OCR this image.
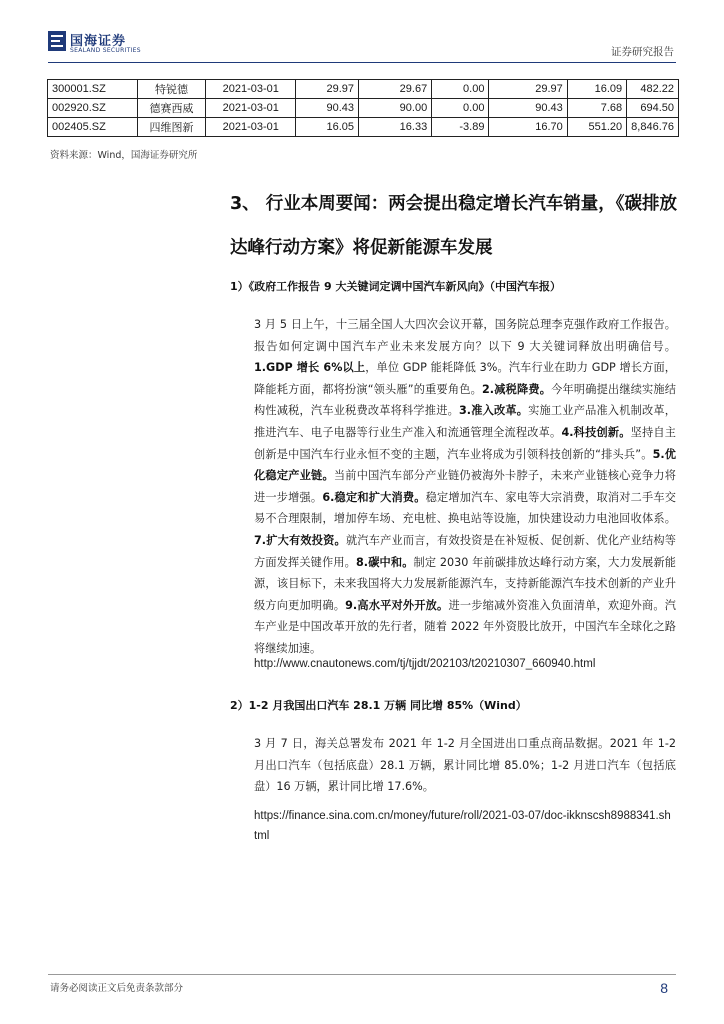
国海证券
SEALAND SECURITIES	证券研究报告
300001.SZ	特锐德	2021-03-01	29.97	29.67	0.00	29.97	16.09	482.22
002920.SZ	德赛西威	2021-03-01	90.43	90.00	0.00	90.43	7.68	694.50
002405.SZ	四维图新	2021-03-01	16.05	16.33	-3.89	16.70	551.20	8,846.76
资料来源：Wind，国海证券研究所
3、 行业本周要闻：两会提出稳定增长汽车销量，《碳排放达峰行动方案》将促新能源车发展
1）《政府工作报告 9 大关键词定调中国汽车新风向》（中国汽车报）
3 月 5 日上午，十三届全国人大四次会议开幕，国务院总理李克强作政府工作报告。报告如何定调中国汽车产业未来发展方向？以下 9 大关键词释放出明确信号。1.GDP 增长 6%以上，单位 GDP 能耗降低 3%。汽车行业在助力 GDP 增长方面，降能耗方面，都将扮演“领头雁”的重要角色。2.减税降费。今年明确提出继续实施结构性减税，汽车业税费改革将科学推进。3.准入改革。实施工业产品准入机制改革，推进汽车、电子电器等行业生产准入和流通管理全流程改革。4.科技创新。坚持自主创新是中国汽车行业永恒不变的主题，汽车业将成为引领科技创新的“排头兵”。5.优化稳定产业链。当前中国汽车部分产业链仍被海外卡脖子，未来产业链核心竞争力将进一步增强。6.稳定和扩大消费。稳定增加汽车、家电等大宗消费，取消对二手车交易不合理限制，增加停车场、充电桩、换电站等设施，加快建设动力电池回收体系。7.扩大有效投资。就汽车产业而言，有效投资是在补短板、促创新、优化产业结构等方面发挥关键作用。8.碳中和。制定 2030 年前碳排放达峰行动方案，大力发展新能源，该目标下，未来我国将大力发展新能源汽车，支持新能源汽车技术创新的产业升级方向更加明确。9.高水平对外开放。进一步缩减外资准入负面清单，欢迎外商。汽车产业是中国改革开放的先行者，随着 2022 年外资股比放开，中国汽车全球化之路将继续加速。
http://www.cnautonews.com/tj/tjjdt/202103/t20210307_660940.html
2）1-2 月我国出口汽车 28.1 万辆 同比增 85%（Wind）
3 月 7 日，海关总署发布 2021 年 1-2 月全国进出口重点商品数据。2021 年 1-2 月出口汽车（包括底盘）28.1 万辆，累计同比增 85.0%；1-2 月进口汽车（包括底盘）16 万辆，累计同比增 17.6%。
https://finance.sina.com.cn/money/future/roll/2021-03-07/doc-ikknscsh8988341.shtml
请务必阅读正文后免责条款部分	8
